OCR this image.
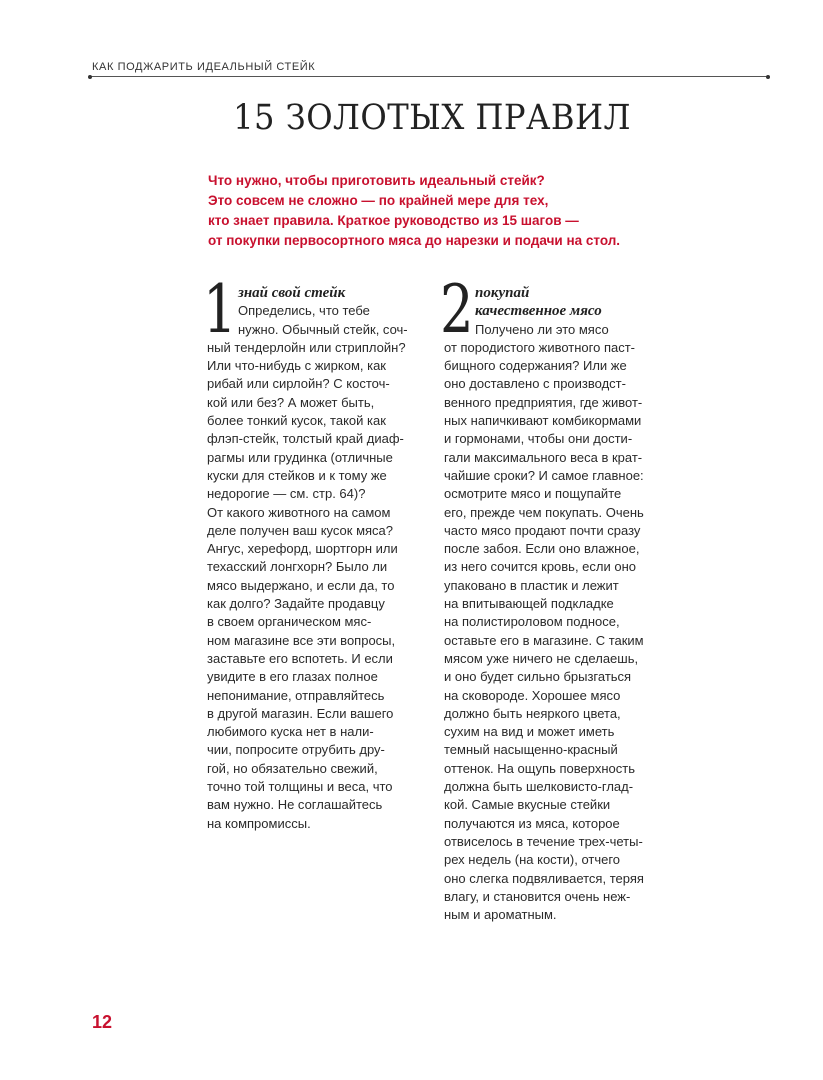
КАК ПОДЖАРИТЬ ИДЕАЛЬНЫЙ СТЕЙК
15 ЗОЛОТЫХ ПРАВИЛ
Что нужно, чтобы приготовить идеальный стейк?
Это совсем не сложно — по крайней мере для тех,
кто знает правила. Краткое руководство из 15 шагов —
от покупки первосортного мяса до нарезки и подачи на стол.
1 знай свой стейк
Определись, что тебе
нужно. Обычный стейк, соч-
ный тендерлойн или стриплойн?
Или что-нибудь с жирком, как
рибай или сирлойн? С косточ-
кой или без? А может быть,
более тонкий кусок, такой как
флэп-стейк, толстый край диаф-
рагмы или грудинка (отличные
куски для стейков и к тому же
недорогие — см. стр. 64)?
От какого животного на самом
деле получен ваш кусок мяса?
Ангус, херефорд, шортгорн или
техасский лонгхорн? Было ли
мясо выдержано, и если да, то
как долго? Задайте продавцу
в своем органическом мяс-
ном магазине все эти вопросы,
заставьте его вспотеть. И если
увидите в его глазах полное
непонимание, отправляйтесь
в другой магазин. Если вашего
любимого куска нет в нали-
чии, попросите отрубить дру-
гой, но обязательно свежий,
точно той толщины и веса, что
вам нужно. Не соглашайтесь
на компромиссы.
2 покупай
качественное мясо
Получено ли это мясо
от породистого животного паст-
бищного содержания? Или же
оно доставлено с производст-
венного предприятия, где живот-
ных напичкивают комбикормами
и гормонами, чтобы они дости-
гали максимального веса в крат-
чайшие сроки? И самое главное:
осмотрите мясо и пощупайте
его, прежде чем покупать. Очень
часто мясо продают почти сразу
после забоя. Если оно влажное,
из него сочится кровь, если оно
упаковано в пластик и лежит
на впитывающей подкладке
на полистироловом подносе,
оставьте его в магазине. С таким
мясом уже ничего не сделаешь,
и оно будет сильно брызгаться
на сковороде. Хорошее мясо
должно быть неяркого цвета,
сухим на вид и может иметь
темный насыщенно-красный
оттенок. На ощупь поверхность
должна быть шелковисто-глад-
кой. Самые вкусные стейки
получаются из мяса, которое
отвиселось в течение трех-четы-
рех недель (на кости), отчего
оно слегка подвяливается, теряя
влагу, и становится очень неж-
ным и ароматным.
12
